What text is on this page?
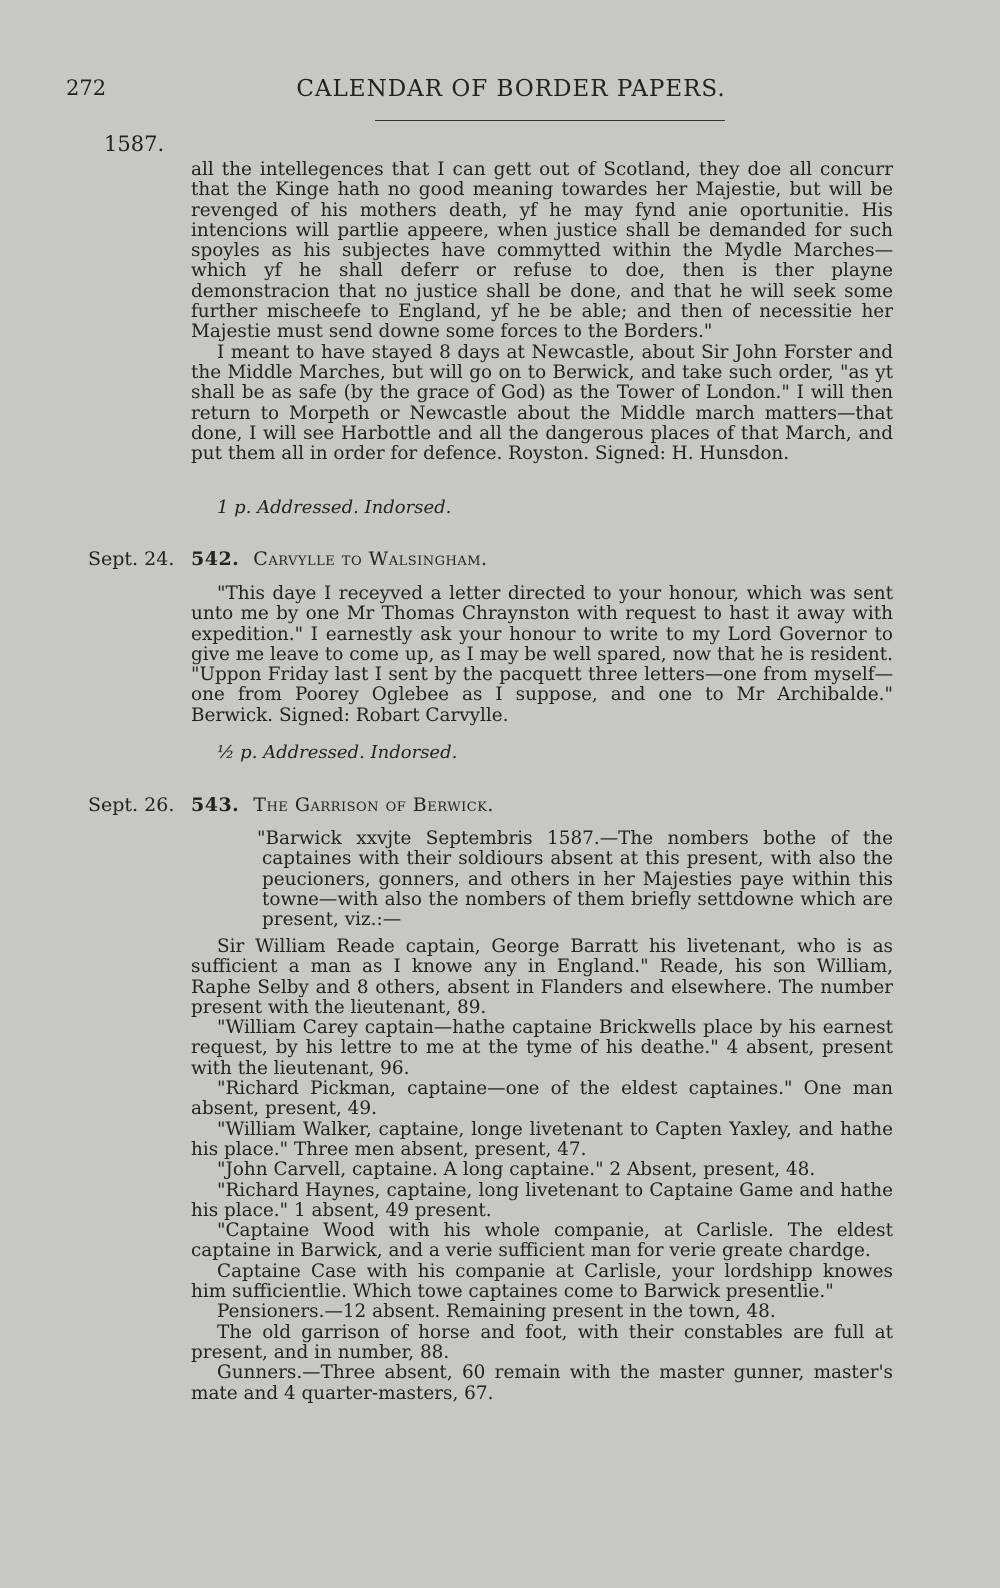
272	CALENDAR OF BORDER PAPERS.
1587.

all the intellegences that I can gett out of Scotland, they doe all concurr that the Kinge hath no good meaning towardes her Majestie, but will be revenged of his mothers death, yf he may fynd anie oportunitie. His intencions will partlie appeere, when justice shall be demanded for such spoyles as his subjectes have commytted within the Mydle Marches—which yf he shall deferr or refuse to doe, then is ther playne demonstracion that no justice shall be done, and that he will seek some further mischeefe to England, yf he be able; and then of necessitie her Majestie must send downe some forces to the Borders."

I meant to have stayed 8 days at Newcastle, about Sir John Forster and the Middle Marches, but will go on to Berwick, and take such order, "as yt shall be as safe (by the grace of God) as the Tower of London." I will then return to Morpeth or Newcastle about the Middle march matters—that done, I will see Harbottle and all the dangerous places of that March, and put them all in order for defence. Royston. Signed: H. Hunsdon.

1 p. Addressed. Indorsed.
Sept. 24. 542. Carvylle to Walsingham.

"This daye I receyved a letter directed to your honour, which was sent unto me by one Mr Thomas Chraynston with request to hast it away with expedition." I earnestly ask your honour to write to my Lord Governor to give me leave to come up, as I may be well spared, now that he is resident. "Uppon Friday last I sent by the pacquett three letters—one from myself—one from Poorey Oglebee as I suppose, and one to Mr Archibalde." Berwick. Signed: Robart Carvylle.

½ p. Addressed. Indorsed.
Sept. 26. 543. The Garrison of Berwick.

"Barwick xxvjte Septembris 1587.—The nombers bothe of the captaines with their soldiours absent at this present, with also the peucioners, gonners, and others in her Majesties paye within this towne—with also the nombers of them briefly settdowne which are present, viz.:—

Sir William Reade captain, George Barratt his livetenant, who is as sufficient a man as I knowe any in England." Reade, his son William, Raphe Selby and 8 others, absent in Flanders and elsewhere. The number present with the lieutenant, 89.

"William Carey captain—hathe captaine Brickwells place by his earnest request, by his lettre to me at the tyme of his deathe." 4 absent, present with the lieutenant, 96.

"Richard Pickman, captaine—one of the eldest captaines." One man absent, present, 49.

"William Walker, captaine, longe livetenant to Capten Yaxley, and hathe his place." Three men absent, present, 47.

"John Carvell, captaine. A long captaine." 2 Absent, present, 48.

"Richard Haynes, captaine, long livetenant to Captaine Game and hathe his place." 1 absent, 49 present.

"Captaine Wood with his whole companie, at Carlisle. The eldest captaine in Barwick, and a verie sufficient man for verie greate chardge.

Captaine Case with his companie at Carlisle, your lordshipp knowes him sufficientlie. Which towe captaines come to Barwick presentlie."

Pensioners.—12 absent. Remaining present in the town, 48.

The old garrison of horse and foot, with their constables are full at present, and in number, 88.

Gunners.—Three absent, 60 remain with the master gunner, master's mate and 4 quarter-masters, 67.
